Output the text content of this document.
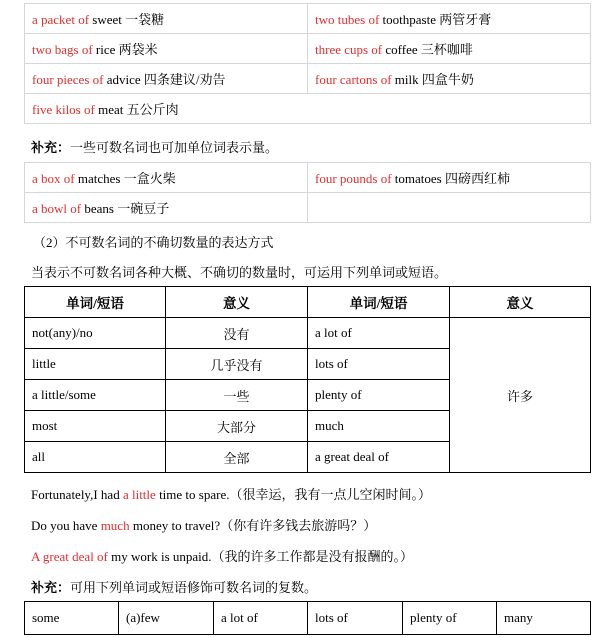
a packet of sweet 一袋糖	two tubes of toothpaste 两管牙膏
two bags of rice 两袋米	three cups of coffee 三杯咖啡
four pieces of advice 四条建议/劝告	four cartons of milk 四盒牛奶
five kilos of meat 五公斤肉	
补充：一些可数名词也可加单位词表示量。
a box of matches 一盒火柴	four pounds of tomatoes 四磅西红柿
a bowl of beans 一碗豆子	
（2）不可数名词的不确切数量的表达方式
当表示不可数名词各种大概、不确切的数量时，可运用下列单词或短语。
单词/短语	意义	单词/短语	意义
not(any)/no	没有	a lot of	许多
little	几乎没有	lots of	
a little/some	一些	plenty of	
most	大部分	much	
all	全部	a great deal of	
Fortunately,I had a little time to spare.（很幸运，我有一点儿空闲时间。）
Do you have much money to travel?（你有许多钱去旅游吗？）
A great deal of my work is unpaid.（我的许多工作都是没有报酬的。）
补充：可用下列单词或短语修饰可数名词的复数。
some	(a)few	a lot of	lots of	plenty of	many
